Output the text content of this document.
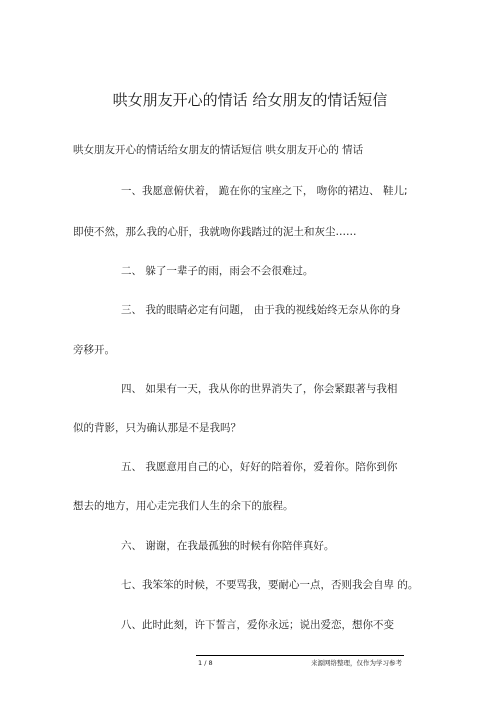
哄女朋友开心的情话 给女朋友的情话短信
哄女朋友开心的情话给女朋友的情话短信 哄女朋友开心的 情话
一、我愿意俯伏着， 跪在你的宝座之下， 吻你的裙边、 鞋儿;
即使不然，那么我的心肝，我就吻你践踏过的泥土和灰尘……
二、 躲了一辈子的雨，雨会不会很难过。
三、 我的眼睛必定有问题， 由于我的视线始终无奈从你的身
旁移开。
四、 如果有一天，我从你的世界消失了，你会紧跟著与我相
似的背影，只为确认那是不是我吗？
五、 我愿意用自己的心，好好的陪着你，爱着你。陪你到你
想去的地方，用心走完我们人生的余下的旅程。
六、 谢谢，在我最孤独的时候有你陪伴真好。
七、我笨笨的时候，不要骂我，要耐心一点，否则我会自卑 的。
八、此时此刻，许下誓言，爱你永远；说出爱恋，想你不变
1 / 8	来源网络整理，仅作为学习参考
